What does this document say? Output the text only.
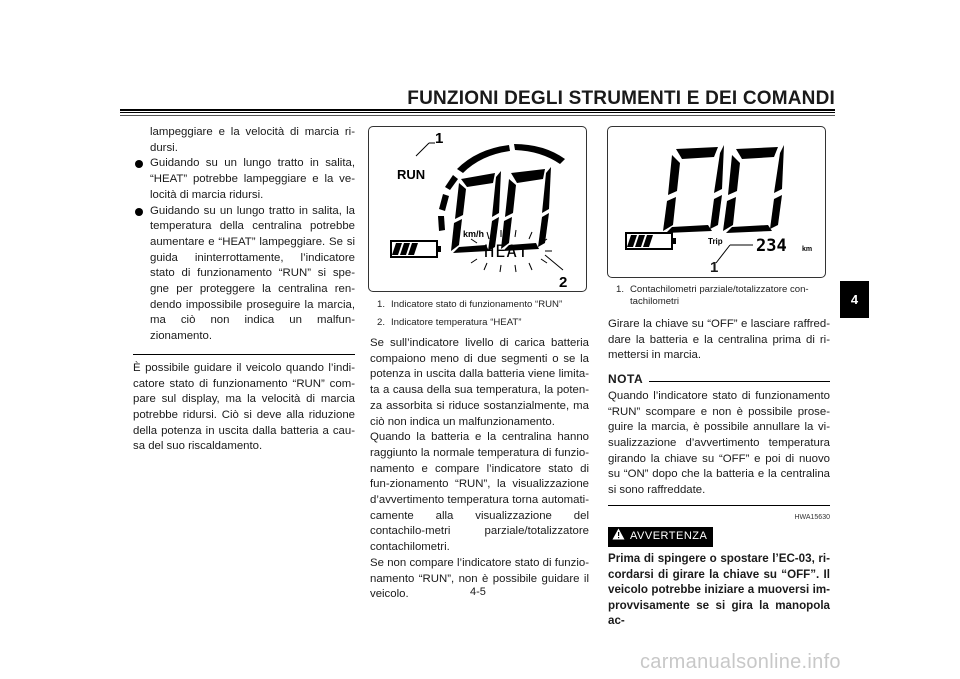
FUNZIONI DEGLI STRUMENTI E DEI COMANDI
lampeggiare e la velocità di marcia ri-dursi.
Guidando su un lungo tratto in salita, “HEAT” potrebbe lampeggiare e la ve-locità di marcia ridursi.
Guidando su un lungo tratto in salita, la temperatura della centralina potrebbe aumentare e “HEAT” lampeggiare. Se si guida ininterrottamente, l’indicatore stato di funzionamento “RUN” si spe-gne per proteggere la centralina ren-dendo impossibile proseguire la marcia, ma ciò non indica un malfun-zionamento.
È possibile guidare il veicolo quando l’indi-catore stato di funzionamento “RUN” com-pare sul display, ma la velocità di marcia potrebbe ridursi. Ciò si deve alla riduzione della potenza in uscita dalla batteria a cau-sa del suo riscaldamento.
1
RUN
km/h
HEAT
2
1. Indicatore stato di funzionamento “RUN”
2. Indicatore temperatura “HEAT”
Trip 234 km
1
1. Contachilometri parziale/totalizzatore con-tachilometri
Se sull’indicatore livello di carica batteria compaiono meno di due segmenti o se la potenza in uscita dalla batteria viene limita-ta a causa della sua temperatura, la poten-za assorbita si riduce sostanzialmente, ma ciò non indica un malfunzionamento.
Quando la batteria e la centralina hanno raggiunto la normale temperatura di funzio-namento e compare l’indicatore stato di fun-zionamento “RUN”, la visualizzazione d’avvertimento temperatura torna automati-camente alla visualizzazione del contachilo-metri parziale/totalizzatore contachilometri.
Se non compare l’indicatore stato di funzio-namento “RUN”, non è possibile guidare il veicolo.
Girare la chiave su “OFF” e lasciare raffred-dare la batteria e la centralina prima di ri-mettersi in marcia.
NOTA
Quando l’indicatore stato di funzionamento “RUN” scompare e non è possibile prose-guire la marcia, è possibile annullare la vi-sualizzazione d’avvertimento temperatura girando la chiave su “OFF” e poi di nuovo su “ON” dopo che la batteria e la centralina si sono raffreddate.
HWA15630
AVVERTENZA
Prima di spingere o spostare l’EC-03, ri-cordarsi di girare la chiave su “OFF”. Il veicolo potrebbe iniziare a muoversi im-provvisamente se si gira la manopola ac-
4
4-5
carmanualsonline.info
